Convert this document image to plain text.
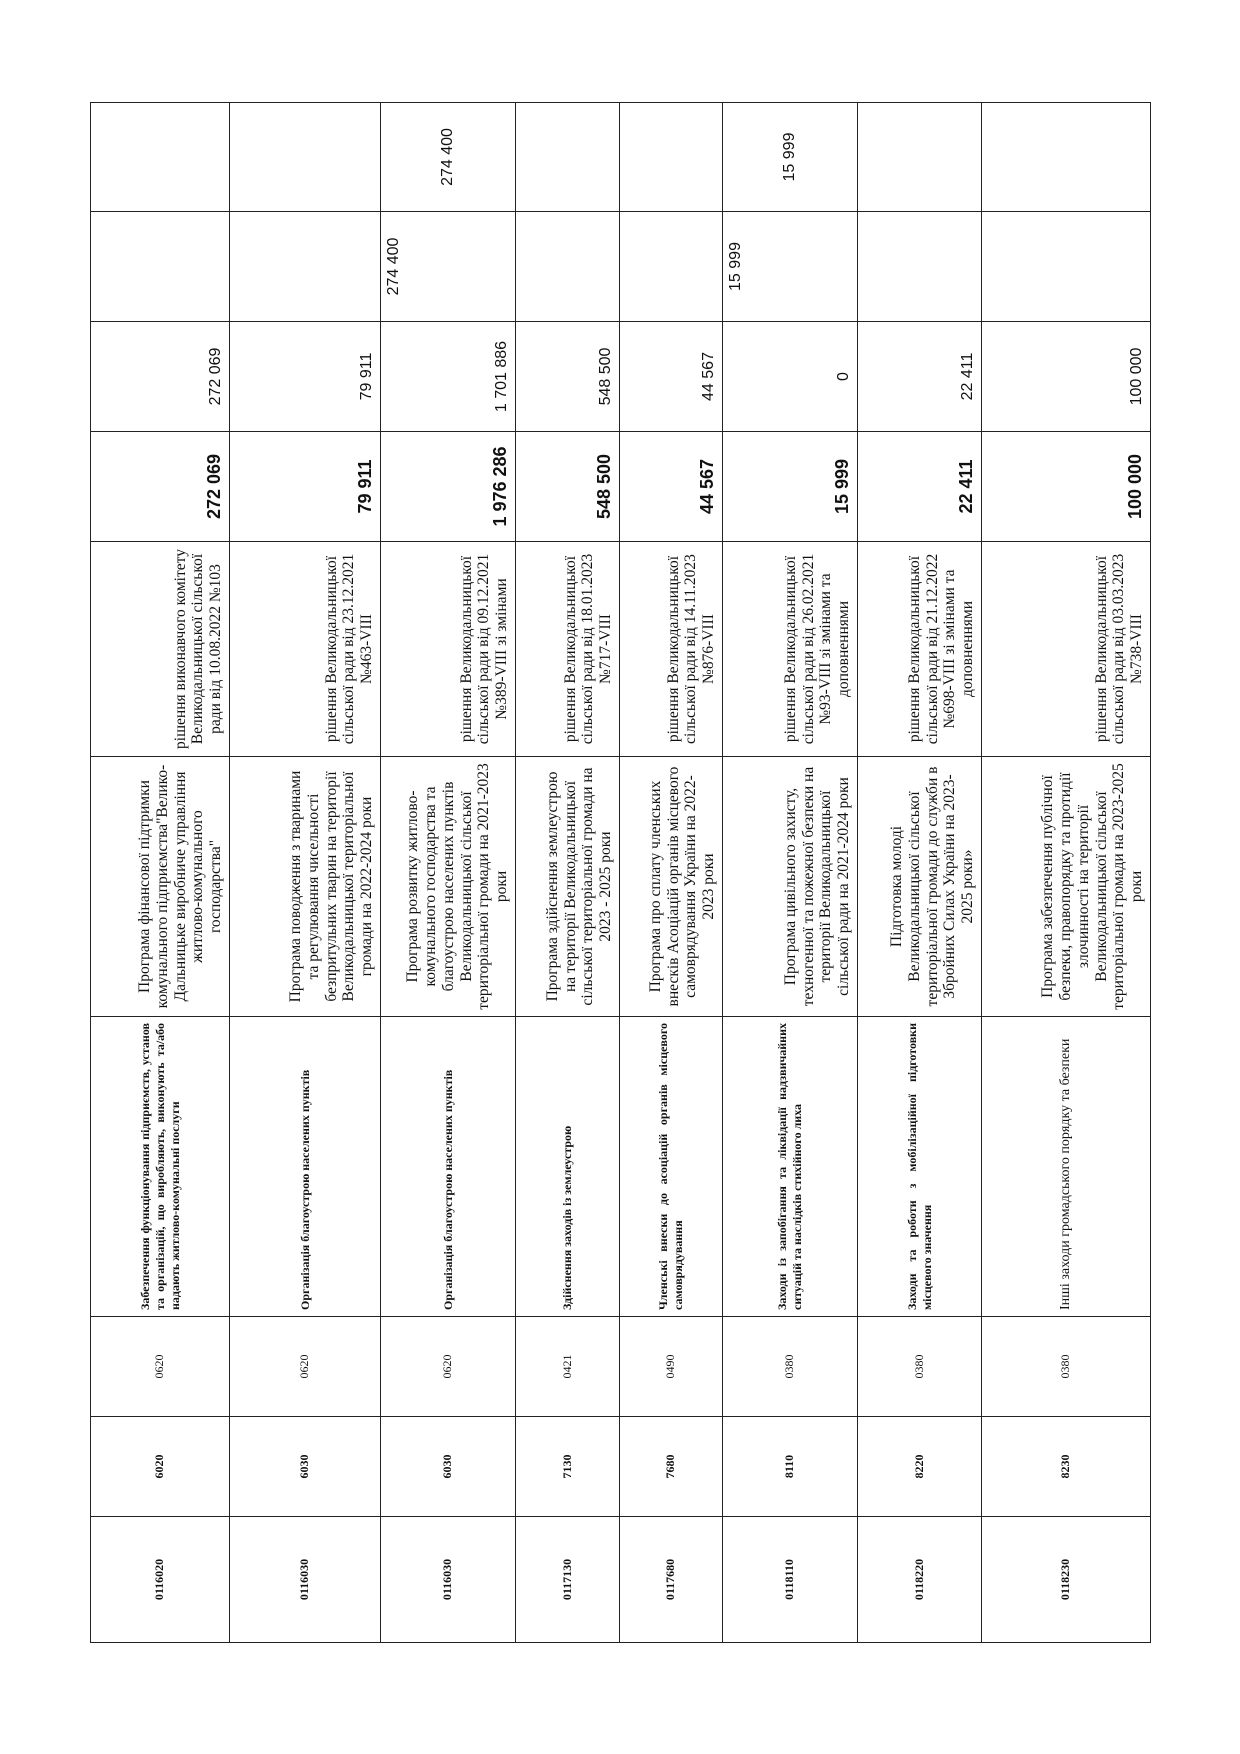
0116020	6020	0620	Забезпечення функціонування підприємств, установ та організацій, що виробляють, виконують та/або надають житлово-комунальні послуги	Програма фінансової підтримки комунального підприємства"Велико-Дальницьке виробниче управління житлово-комунального господарства"	рішення виконавчого комітету Великодальницької сільської ради від 10.08.2022 №103	272 069	272 069		
0116030	6030	0620	Організація благоустрою населених пунктів	Програма поводження з тваринами та регулювання чисельності безпритульних тварин на території Великодальницької територіальної громади на 2022-2024 роки	рішення Великодальницької сільської ради від 23.12.2021 №463-VIII	79 911	79 911		
0116030	6030	0620	Організація благоустрою населених пунктів	Програма розвитку житлово-комунального господарства та благоустрою населених пунктів Великодальницької сільської територіальної громади на 2021-2023 роки	рішення Великодальницької сільської ради від 09.12.2021 №389-VIII зі змінами	1 976 286	1 701 886	274 400	274 400
0117130	7130	0421	Здійснення заходів із землеустрою	Програма здійснення землеустрою на території Великодальницької сільської територіальної громади на 2023 - 2025 роки	рішення Великодальницької сільської ради від 18.01.2023 №717-VIII	548 500	548 500		
0117680	7680	0490	Членські внески до асоціацій органів місцевого самоврядування	Програма про сплату членських внесків Асоціацій органів місцевого самоврядування України на 2022-2023 роки	рішення Великодальницької сільської ради від 14.11.2023 №876-VIII	44 567	44 567		
0118110	8110	0380	Заходи із запобігання та ліквідації надзвичайних ситуацій та наслідків стихійного лиха	Програма цивільного захисту, техногенної та пожежної безпеки на території Великодальницької сільської ради на 2021-2024 роки	рішення Великодальницької сільської ради від 26.02.2021 №93-VIII зі змінами та доповненнями	15 999	0	15 999	15 999
0118220	8220	0380	Заходи та роботи з мобілізаційної підготовки місцевого значення	Підготовка молоді Великодальницької сільської територіальної громади до служби в Збройних Силах України на 2023-2025 роки»	рішення Великодальницької сільської ради від 21.12.2022 №698-VIII зі змінами та доповненнями	22 411	22 411		
0118230	8230	0380	Інші заходи громадського порядку та безпеки	Програма забезпечення публічної безпеки, правопорядку та протидії злочинності на території Великодальницької сільської територіальної громади на 2023-2025 роки	рішення Великодальницької сільської ради від 03.03.2023 №738-VIII	100 000	100 000		
